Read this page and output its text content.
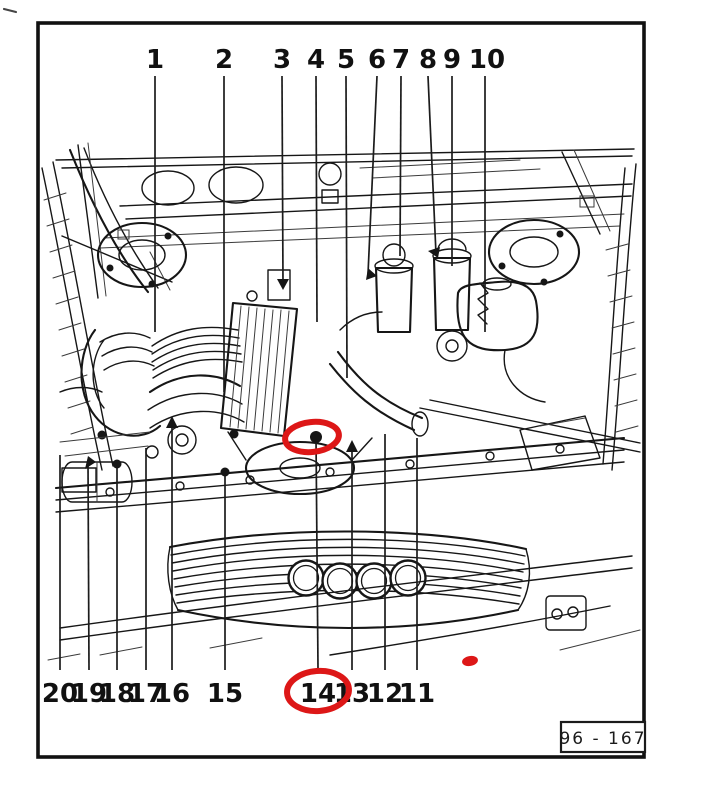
1 2 3 4 5 6 7 8 9 10
20
19
18
17
16 15 14
13
12
11
96 - 167
